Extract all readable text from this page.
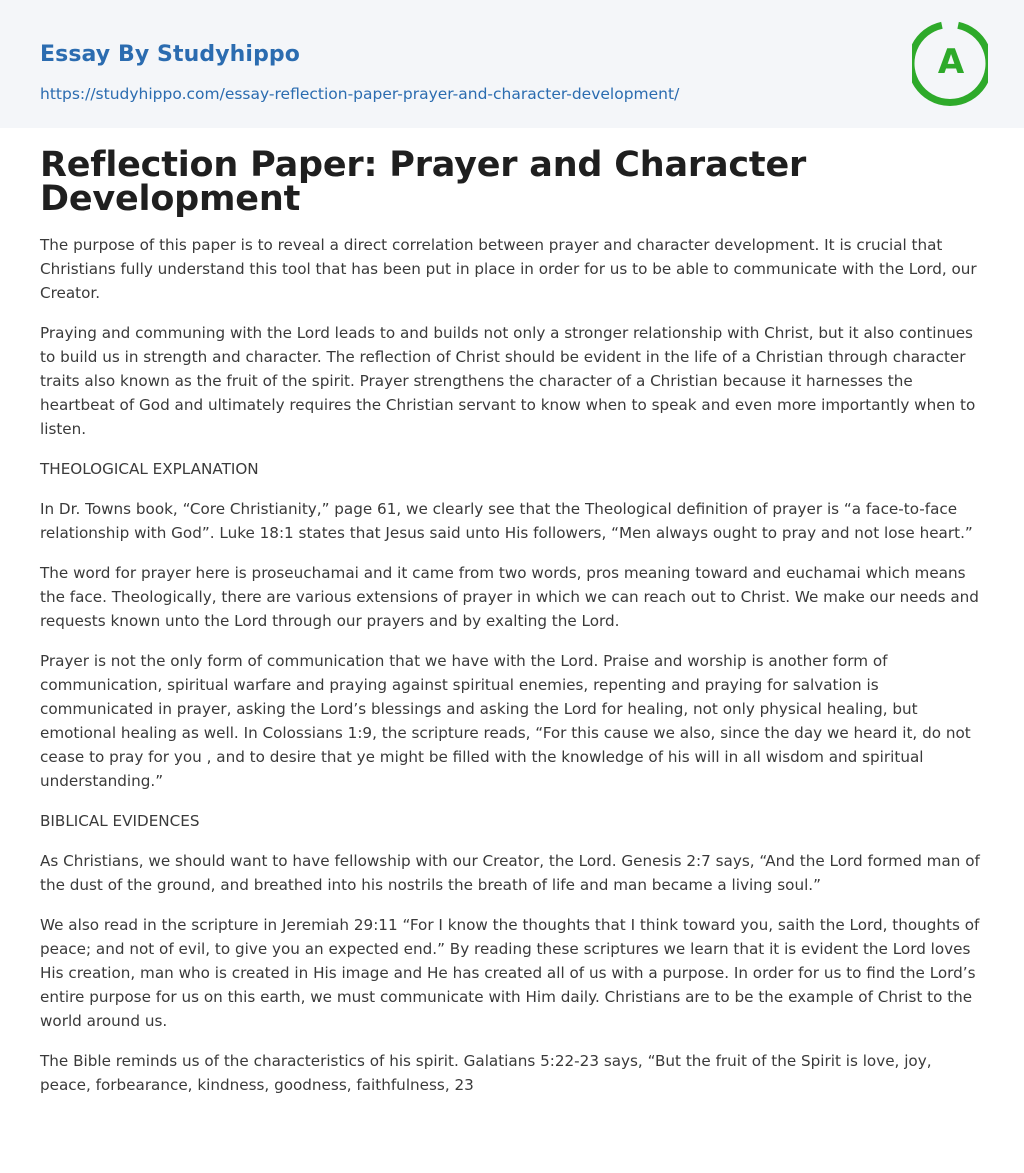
Essay By Studyhippo
https://studyhippo.com/essay-reflection-paper-prayer-and-character-development/
A
Reflection Paper: Prayer and Character Development

The purpose of this paper is to reveal a direct correlation between prayer and character development. It is crucial that Christians fully understand this tool that has been put in place in order for us to be able to communicate with the Lord, our Creator.

Praying and communing with the Lord leads to and builds not only a stronger relationship with Christ, but it also continues to build us in strength and character. The reflection of Christ should be evident in the life of a Christian through character traits also known as the fruit of the spirit. Prayer strengthens the character of a Christian because it harnesses the heartbeat of God and ultimately requires the Christian servant to know when to speak and even more importantly when to listen.

THEOLOGICAL EXPLANATION

In Dr. Towns book, “Core Christianity,” page 61, we clearly see that the Theological definition of prayer is “a face-to-face relationship with God”. Luke 18:1 states that Jesus said unto His followers, “Men always ought to pray and not lose heart.”

The word for prayer here is proseuchamai and it came from two words, pros meaning toward and euchamai which means the face. Theologically, there are various extensions of prayer in which we can reach out to Christ. We make our needs and requests known unto the Lord through our prayers and by exalting the Lord.

Prayer is not the only form of communication that we have with the Lord. Praise and worship is another form of communication, spiritual warfare and praying against spiritual enemies, repenting and praying for salvation is communicated in prayer, asking the Lord’s blessings and asking the Lord for healing, not only physical healing, but emotional healing as well. In Colossians 1:9, the scripture reads, “For this cause we also, since the day we heard it, do not cease to pray for you , and to desire that ye might be filled with the knowledge of his will in all wisdom and spiritual understanding.”

BIBLICAL EVIDENCES

As Christians, we should want to have fellowship with our Creator, the Lord. Genesis 2:7 says, “And the Lord formed man of the dust of the ground, and breathed into his nostrils the breath of life and man became a living soul.”

We also read in the scripture in Jeremiah 29:11 “For I know the thoughts that I think toward you, saith the Lord, thoughts of peace; and not of evil, to give you an expected end.” By reading these scriptures we learn that it is evident the Lord loves His creation, man who is created in His image and He has created all of us with a purpose. In order for us to find the Lord’s entire purpose for us on this earth, we must communicate with Him daily. Christians are to be the example of Christ to the world around us.

The Bible reminds us of the characteristics of his spirit. Galatians 5:22-23 says, “But the fruit of the Spirit is love, joy, peace, forbearance, kindness, goodness, faithfulness, 23
